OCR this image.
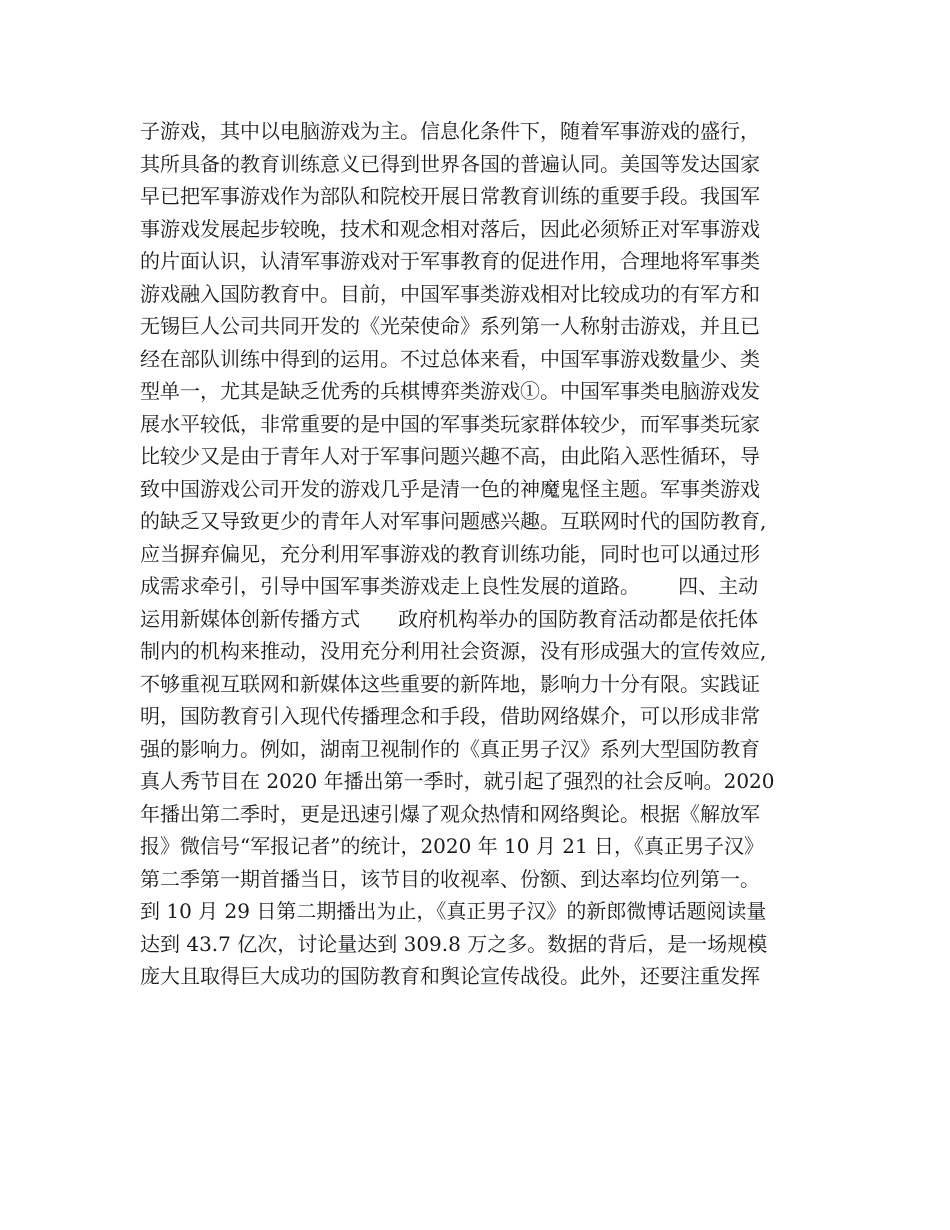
子游戏，其中以电脑游戏为主。信息化条件下，随着军事游戏的盛行，
其所具备的教育训练意义已得到世界各国的普遍认同。美国等发达国家
早已把军事游戏作为部队和院校开展日常教育训练的重要手段。我国军
事游戏发展起步较晚，技术和观念相对落后，因此必须矫正对军事游戏
的片面认识，认清军事游戏对于军事教育的促进作用，合理地将军事类
游戏融入国防教育中。目前，中国军事类游戏相对比较成功的有军方和
无锡巨人公司共同开发的《光荣使命》系列第一人称射击游戏，并且已
经在部队训练中得到的运用。不过总体来看，中国军事游戏数量少、类
型单一，尤其是缺乏优秀的兵棋博弈类游戏①。中国军事类电脑游戏发
展水平较低，非常重要的是中国的军事类玩家群体较少，而军事类玩家
比较少又是由于青年人对于军事问题兴趣不高，由此陷入恶性循环，导
致中国游戏公司开发的游戏几乎是清一色的神魔鬼怪主题。军事类游戏
的缺乏又导致更少的青年人对军事问题感兴趣。互联网时代的国防教育,
应当摒弃偏见，充分利用军事游戏的教育训练功能，同时也可以通过形
成需求牵引，引导中国军事类游戏走上良性发展的道路。      四、主动
运用新媒体创新传播方式      政府机构举办的国防教育活动都是依托体
制内的机构来推动，没用充分利用社会资源，没有形成强大的宣传效应,
不够重视互联网和新媒体这些重要的新阵地，影响力十分有限。实践证
明，国防教育引入现代传播理念和手段，借助网络媒介，可以形成非常
强的影响力。例如，湖南卫视制作的《真正男子汉》系列大型国防教育
真人秀节目在 2020 年播出第一季时，就引起了强烈的社会反响。2020
年播出第二季时，更是迅速引爆了观众热情和网络舆论。根据《解放军
报》微信号“军报记者”的统计，2020 年 10 月 21 日，《真正男子汉》
第二季第一期首播当日，该节目的收视率、份额、到达率均位列第一。
到 10 月 29 日第二期播出为止，《真正男子汉》的新郎微博话题阅读量
达到 43.7 亿次，讨论量达到 309.8 万之多。数据的背后，是一场规模
庞大且取得巨大成功的国防教育和舆论宣传战役。此外，还要注重发挥
